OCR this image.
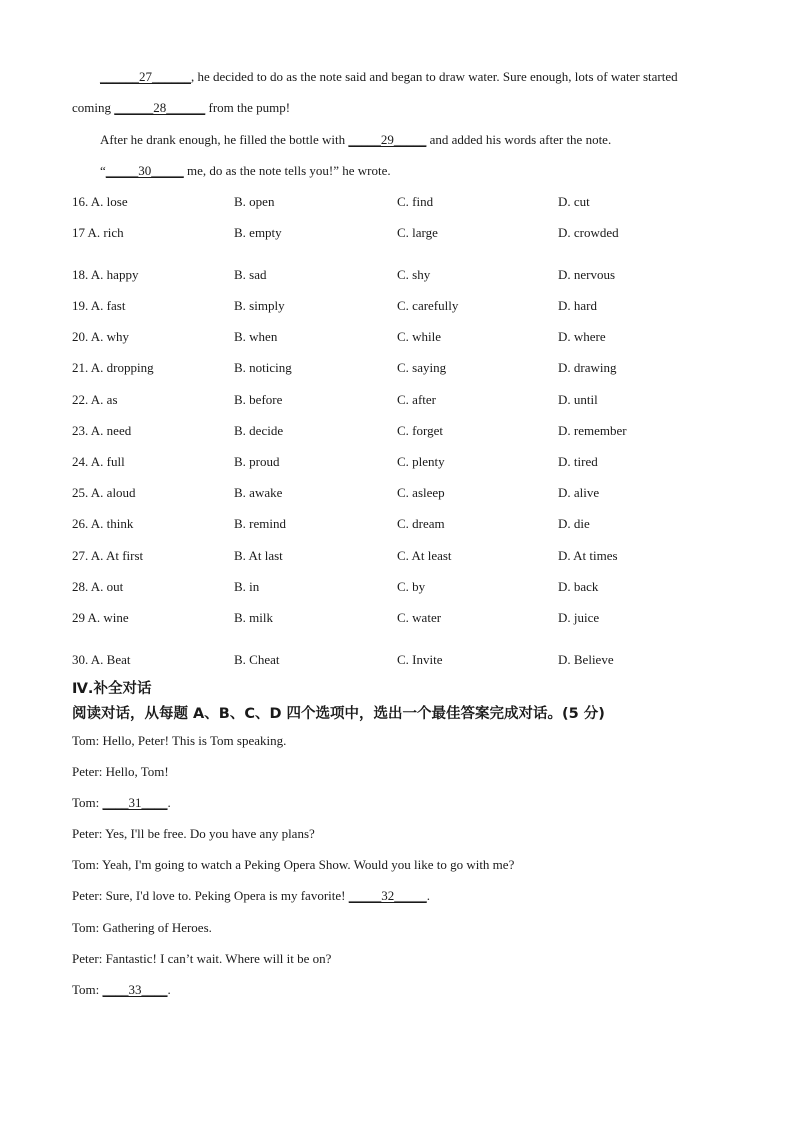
______27______, he decided to do as the note said and began to draw water. Sure enough, lots of water started
coming ______28______ from the pump!
After he drank enough, he filled the bottle with _____29_____ and added his words after the note.
“_____30_____ me, do as the note tells you!” he wrote.
16. A. lose	B. open	C. find	D. cut
17 A. rich	B. empty	C. large	D. crowded
18. A. happy	B. sad	C. shy	D. nervous
19. A. fast	B. simply	C. carefully	D. hard
20. A. why	B. when	C. while	D. where
21. A. dropping	B. noticing	C. saying	D. drawing
22. A. as	B. before	C. after	D. until
23. A. need	B. decide	C. forget	D. remember
24. A. full	B. proud	C. plenty	D. tired
25. A. aloud	B. awake	C. asleep	D. alive
26. A. think	B. remind	C. dream	D. die
27. A. At first	B. At last	C. At least	D. At times
28. A. out	B. in	C. by	D. back
29 A. wine	B. milk	C. water	D. juice
30. A. Beat	B. Cheat	C. Invite	D. Believe
Ⅳ.补全对话
阅读对话，从每题 A、B、C、D 四个选项中，选出一个最佳答案完成对话。(5 分)
Tom: Hello, Peter! This is Tom speaking.
Peter: Hello, Tom!
Tom: ____31____.
Peter: Yes, I'll be free. Do you have any plans?
Tom: Yeah, I'm going to watch a Peking Opera Show. Would you like to go with me?
Peter: Sure, I'd love to. Peking Opera is my favorite! _____32_____.
Tom: Gathering of Heroes.
Peter: Fantastic! I can’t wait. Where will it be on?
Tom: ____33____.
